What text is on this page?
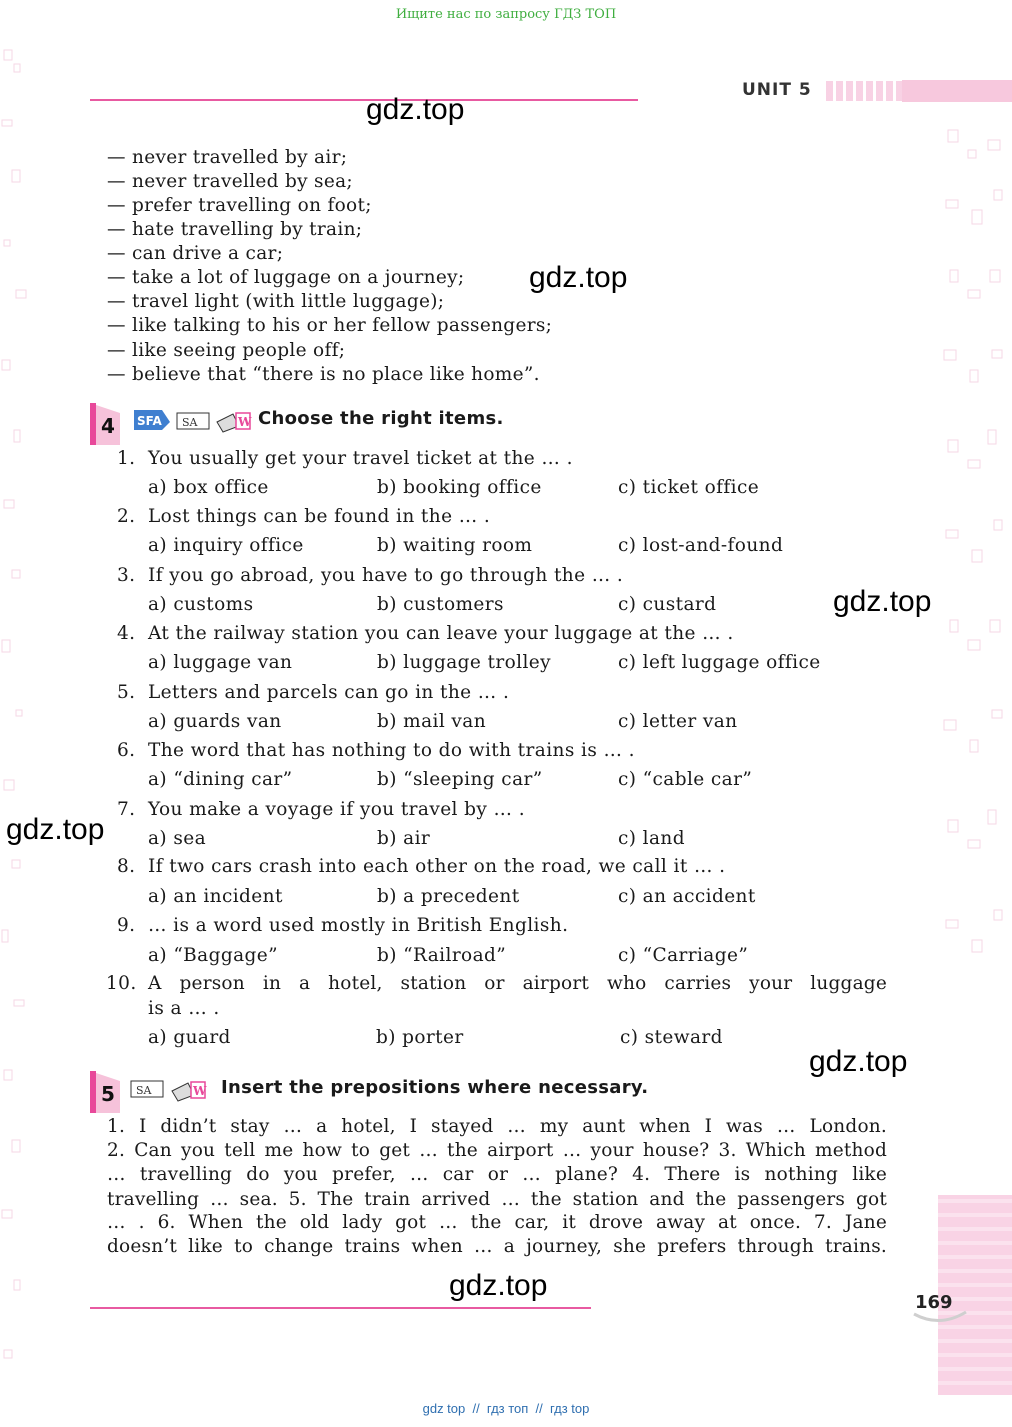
Ищите нас по запросу ГДЗ ТОП
UNIT 5
gdz.top
gdz.top
gdz.top
gdz.top
gdz.top
gdz.top
— never travelled by air;
— never travelled by sea;
— prefer travelling on foot;
— hate travelling by train;
— can drive a car;
— take a lot of luggage on a journey;
— travel light (with little luggage);
— like talking to his or her fellow passengers;
— like seeing people off;
— believe that “there is no place like home”.
4 SFA SA	W Choose the right items.
1. You usually get your travel ticket at the … .
a) box office	b) booking office	c) ticket office
2. Lost things can be found in the … .
a) inquiry office	b) waiting room	c) lost-and-found
3. If you go abroad, you have to go through the … .
a) customs	b) customers	c) custard
4. At the railway station you can leave your luggage at the … .
a) luggage van	b) luggage trolley	c) left luggage office
5. Letters and parcels can go in the … .
a) guards van	b) mail van	c) letter van
6. The word that has nothing to do with trains is … .
a) “dining car”	b) “sleeping car”	c) “cable car”
7. You make a voyage if you travel by … .
a) sea	b) air	c) land
8. If two cars crash into each other on the road, we call it … .
a) an incident	b) a precedent	c) an accident
9. … is a word used mostly in British English.
a) “Baggage”	b) “Railroad”	c) “Carriage”
10. A person in a hotel, station or airport who carries your luggage
is a … .
a) guard	b) porter	c) steward
5 SA	W Insert the prepositions where necessary.
1. I didn’t stay … a hotel, I stayed … my aunt when I was … London.
2. Can you tell me how to get … the airport … your house? 3. Which method
… travelling do you prefer, … car or … plane? 4. There is nothing like
travelling … sea. 5. The train arrived … the station and the passengers got
… . 6. When the old lady got … the car, it drove away at once. 7. Jane
doesn’t like to change trains when … a journey, she prefers through trains.
169
gdz top  //  гдз топ  //  гдз top
